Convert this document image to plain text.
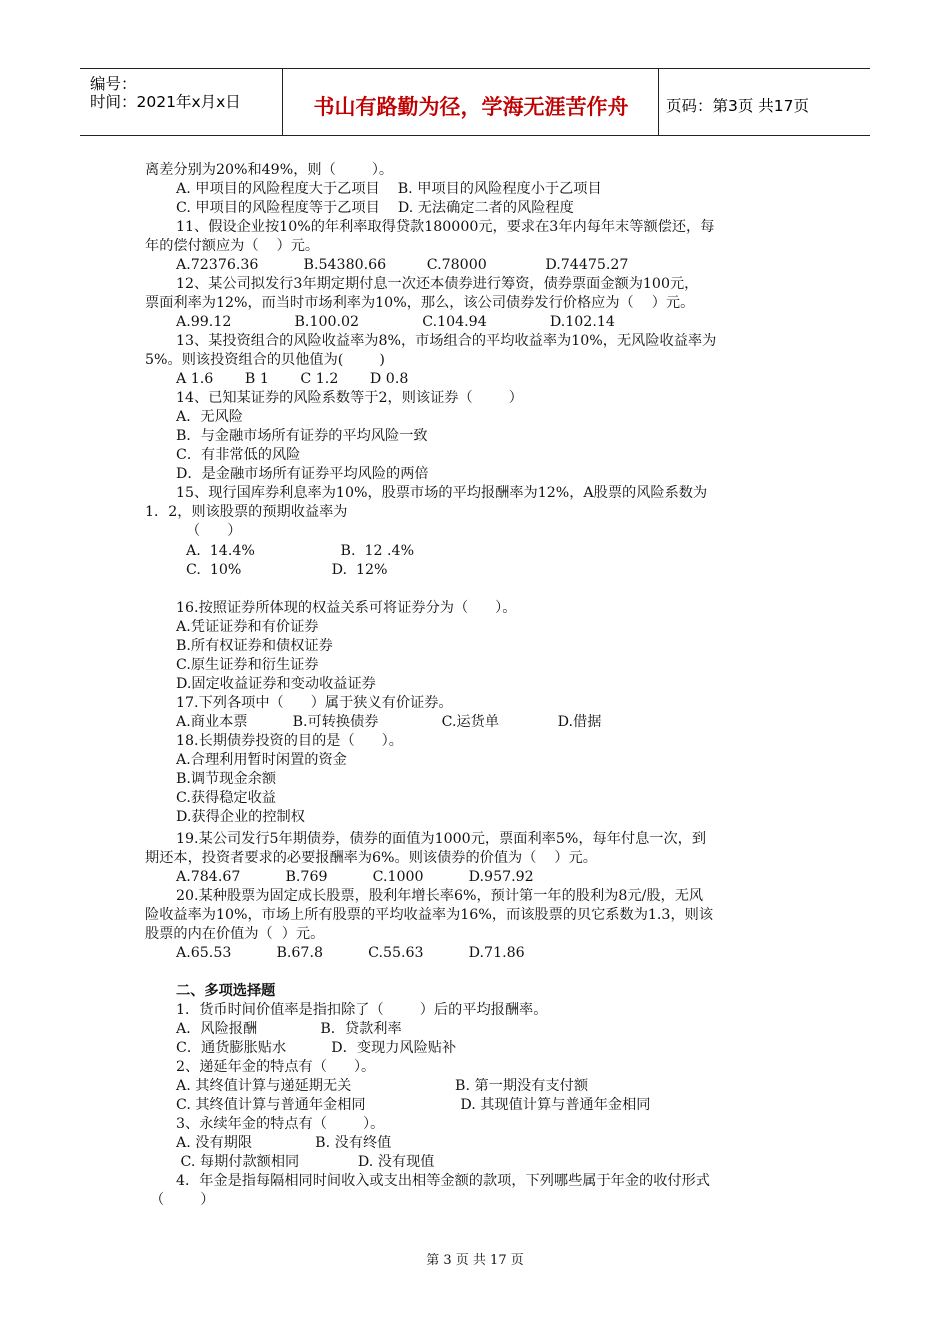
编号：
时间：2021年x月x日	书山有路勤为径，学海无涯苦作舟	页码：第3页 共17页
离差分别为20%和49%，则（        ）。
A. 甲项目的风险程度大于乙项目    B. 甲项目的风险程度小于乙项目
C. 甲项目的风险程度等于乙项目    D. 无法确定二者的风险程度
11、假设企业按10%的年利率取得贷款180000元，要求在3年内每年末等额偿还，每
年的偿付额应为（    ）元。
A.72376.36          B.54380.66         C.78000             D.74475.27
12、某公司拟发行3年期定期付息一次还本债券进行筹资，债券票面金额为100元，
票面利率为12%，而当时市场利率为10%，那么，该公司债券发行价格应为（    ）元。
A.99.12              B.100.02              C.104.94              D.102.14
13、某投资组合的风险收益率为8%，市场组合的平均收益率为10%，无风险收益率为
5%。则该投资组合的贝他值为(        )
A 1.6       B 1       C 1.2       D 0.8
14、已知某证券的风险系数等于2，则该证券（        ）
A．无风险
B．与金融市场所有证券的平均风险一致
C．有非常低的风险
D．是金融市场所有证券平均风险的两倍
15、现行国库券利息率为10%，股票市场的平均报酬率为12%，A股票的风险系数为
1．2，则该股票的预期收益率为
（      ）
A.  14.4%                   B.  12 .4%
C.  10%                    D.  12%
16.按照证券所体现的权益关系可将证券分为（      ）。
A.凭证证券和有价证券
B.所有权证券和债权证券
C.原生证券和衍生证券
D.固定收益证券和变动收益证券
17.下列各项中（      ）属于狭义有价证券。
A.商业本票          B.可转换债券              C.运货单             D.借据
18.长期债券投资的目的是（      ）。
A.合理利用暂时闲置的资金
B.调节现金余额
C.获得稳定收益
D.获得企业的控制权
19.某公司发行5年期债券，债券的面值为1000元，票面利率5%，每年付息一次，到
期还本，投资者要求的必要报酬率为6%。则该债券的价值为（    ）元。
A.784.67          B.769          C.1000          D.957.92
20.某种股票为固定成长股票，股利年增长率6%，预计第一年的股利为8元/股，无风
险收益率为10%，市场上所有股票的平均收益率为16%，而该股票的贝它系数为1.3，则该
股票的内在价值为（  ）元。
A.65.53          B.67.8          C.55.63          D.71.86
二、多项选择题
1．货币时间价值率是指扣除了（        ）后的平均报酬率。
A．风险报酬              B．贷款利率
C．通货膨胀贴水          D．变现力风险贴补
2、递延年金的特点有（      ）。
A. 其终值计算与递延期无关                       B. 第一期没有支付额
C. 其终值计算与普通年金相同                     D. 其现值计算与普通年金相同
3、永续年金的特点有（        ）。
A. 没有期限              B. 没有终值
C. 每期付款额相同             D. 没有现值
4．年金是指每隔相同时间收入或支出相等金额的款项，下列哪些属于年金的收付形式
（        ）
第 3 页 共 17 页
